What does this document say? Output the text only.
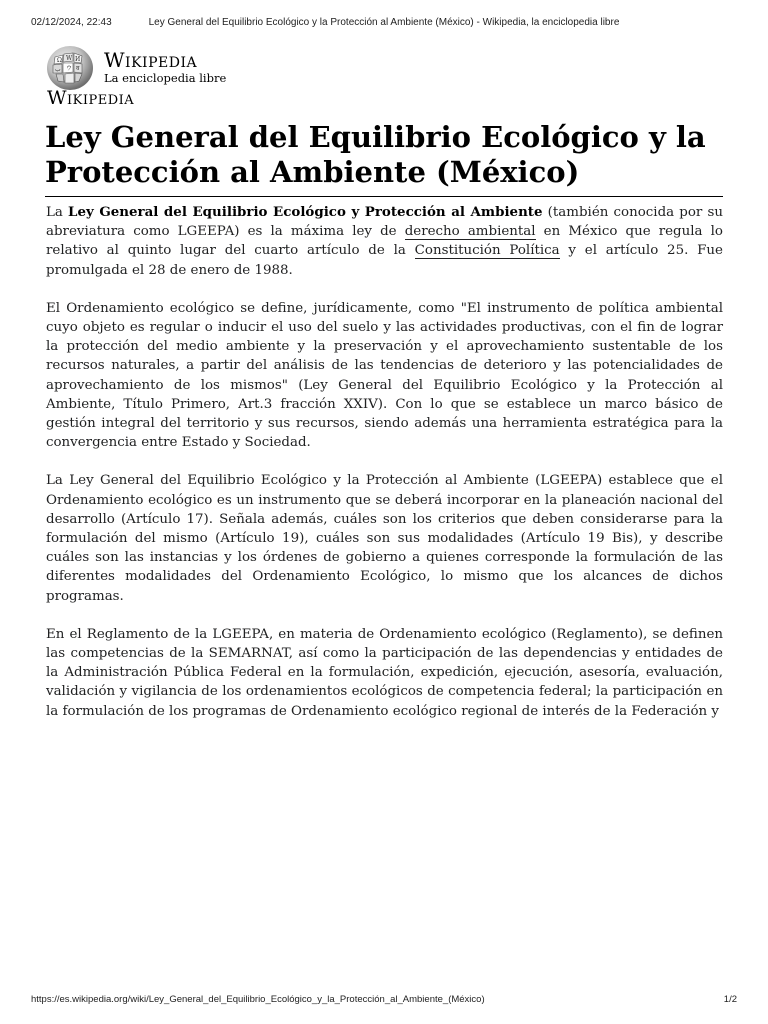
02/12/2024, 22:43	Ley General del Equilibrio Ecológico y la Protección al Ambiente (México) - Wikipedia, la enciclopedia libre
Ω W И
ウ
ب	व Wikipedia
La enciclopedia libre
Wikipedia
Ley General del Equilibrio Ecológico y la Protección al Ambiente (México)

La Ley General del Equilibrio Ecológico y Protección al Ambiente (también conocida por su abreviatura como LGEEPA) es la máxima ley de derecho ambiental en México que regula lo relativo al quinto lugar del cuarto artículo de la Constitución Política y el artículo 25. Fue promulgada el 28 de enero de 1988.

El Ordenamiento ecológico se define, jurídicamente, como "El instrumento de política ambiental cuyo objeto es regular o inducir el uso del suelo y las actividades productivas, con el fin de lograr la protección del medio ambiente y la preservación y el aprovechamiento sustentable de los recursos naturales, a partir del análisis de las tendencias de deterioro y las potencialidades de aprovechamiento de los mismos" (Ley General del Equilibrio Ecológico y la Protección al Ambiente, Título Primero, Art.3 fracción XXIV). Con lo que se establece un marco básico de gestión integral del territorio y sus recursos, siendo además una herramienta estratégica para la convergencia entre Estado y Sociedad.

La Ley General del Equilibrio Ecológico y la Protección al Ambiente (LGEEPA) establece que el Ordenamiento ecológico es un instrumento que se deberá incorporar en la planeación nacional del desarrollo (Artículo 17). Señala además, cuáles son los criterios que deben considerarse para la formulación del mismo (Artículo 19), cuáles son sus modalidades (Artículo 19 Bis), y describe cuáles son las instancias y los órdenes de gobierno a quienes corresponde la formulación de las diferentes modalidades del Ordenamiento Ecológico, lo mismo que los alcances de dichos programas.

En el Reglamento de la LGEEPA, en materia de Ordenamiento ecológico (Reglamento), se definen las competencias de la SEMARNAT, así como la participación de las dependencias y entidades de la Administración Pública Federal en la formulación, expedición, ejecución, asesoría, evaluación, validación y vigilancia de los ordenamientos ecológicos de competencia federal; la participación en la formulación de los programas de Ordenamiento ecológico regional de interés de la Federación y

https://es.wikipedia.org/wiki/Ley_General_del_Equilibrio_Ecológico_y_la_Protección_al_Ambiente_(México)	1/2
